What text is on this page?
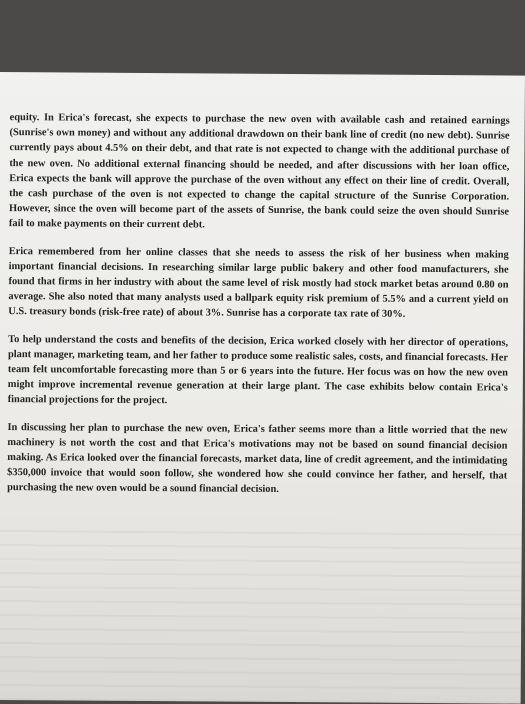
equity. In Erica's forecast, she expects to purchase the new oven with available cash and retained earnings (Sunrise's own money) and without any additional drawdown on their bank line of credit (no new debt). Sunrise currently pays about 4.5% on their debt, and that rate is not expected to change with the additional purchase of the new oven. No additional external financing should be needed, and after discussions with her loan office, Erica expects the bank will approve the purchase of the oven without any effect on their line of credit. Overall, the cash purchase of the oven is not expected to change the capital structure of the Sunrise Corporation. However, since the oven will become part of the assets of Sunrise, the bank could seize the oven should Sunrise fail to make payments on their current debt.

Erica remembered from her online classes that she needs to assess the risk of her business when making important financial decisions. In researching similar large public bakery and other food manufacturers, she found that firms in her industry with about the same level of risk mostly had stock market betas around 0.80 on average. She also noted that many analysts used a ballpark equity risk premium of 5.5% and a current yield on U.S. treasury bonds (risk-free rate) of about 3%. Sunrise has a corporate tax rate of 30%.

To help understand the costs and benefits of the decision, Erica worked closely with her director of operations, plant manager, marketing team, and her father to produce some realistic sales, costs, and financial forecasts. Her team felt uncomfortable forecasting more than 5 or 6 years into the future. Her focus was on how the new oven might improve incremental revenue generation at their large plant. The case exhibits below contain Erica's financial projections for the project.

In discussing her plan to purchase the new oven, Erica's father seems more than a little worried that the new machinery is not worth the cost and that Erica's motivations may not be based on sound financial decision making. As Erica looked over the financial forecasts, market data, line of credit agreement, and the intimidating $350,000 invoice that would soon follow, she wondered how she could convince her father, and herself, that purchasing the new oven would be a sound financial decision.
